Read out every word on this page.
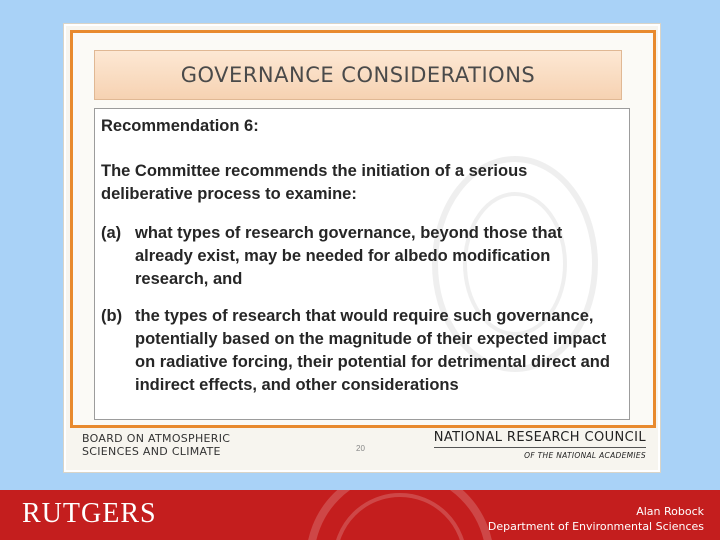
GOVERNANCE CONSIDERATIONS
Recommendation 6:
The Committee recommends the initiation of a serious deliberative process to examine:
(a) what types of research governance, beyond those that already exist, may be needed for albedo modification research, and
(b) the types of research that would require such governance, potentially based on the magnitude of their expected impact on radiative forcing, their potential for detrimental direct and indirect effects, and other considerations
BOARD ON ATMOSPHERIC
SCIENCES AND CLIMATE	20
NATIONAL RESEARCH COUNCIL
OF THE NATIONAL ACADEMIES
RUTGERS	Alan Robock
Department of Environmental Sciences
